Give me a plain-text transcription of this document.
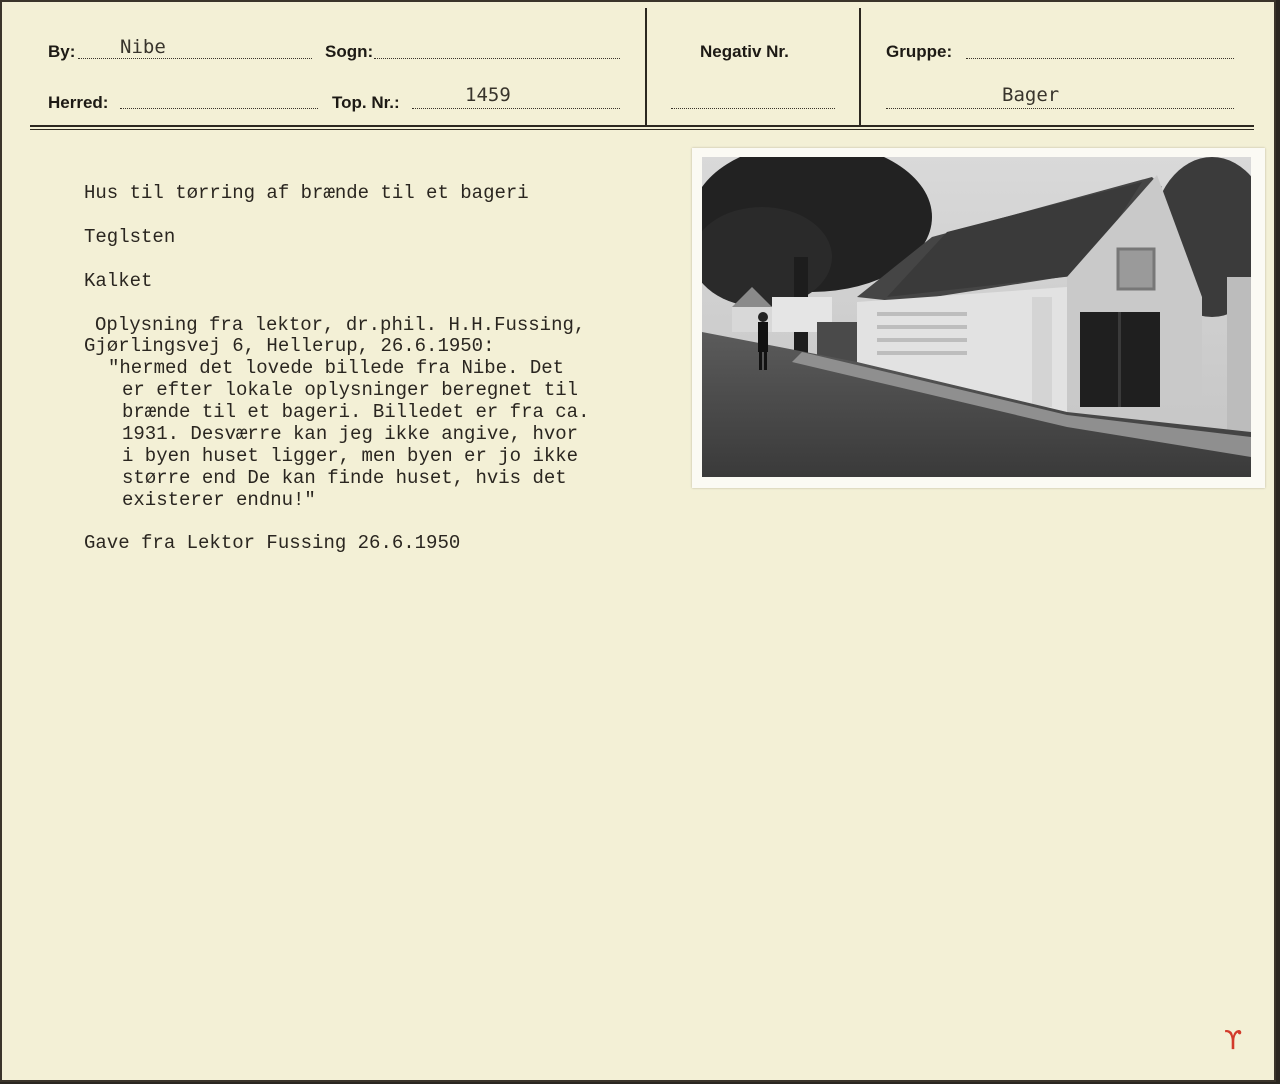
By: Nibe	Sogn:
Herred:	Top. Nr.:	1459
Negativ Nr.	Gruppe:
Bager
Hus til tørring af brænde til et bageri
Teglsten
Kalket
Oplysning fra lektor, dr.phil. H.H.Fussing,
Gjørlingsvej 6, Hellerup, 26.6.1950:
"hermed det lovede billede fra Nibe. Det
er efter lokale oplysninger beregnet til
brænde til et bageri. Billedet er fra ca.
1931. Desværre kan jeg ikke angive, hvor
i byen huset ligger, men byen er jo ikke
større end De kan finde huset, hvis det
existerer endnu!"
Gave fra Lektor Fussing 26.6.1950
ϒ
